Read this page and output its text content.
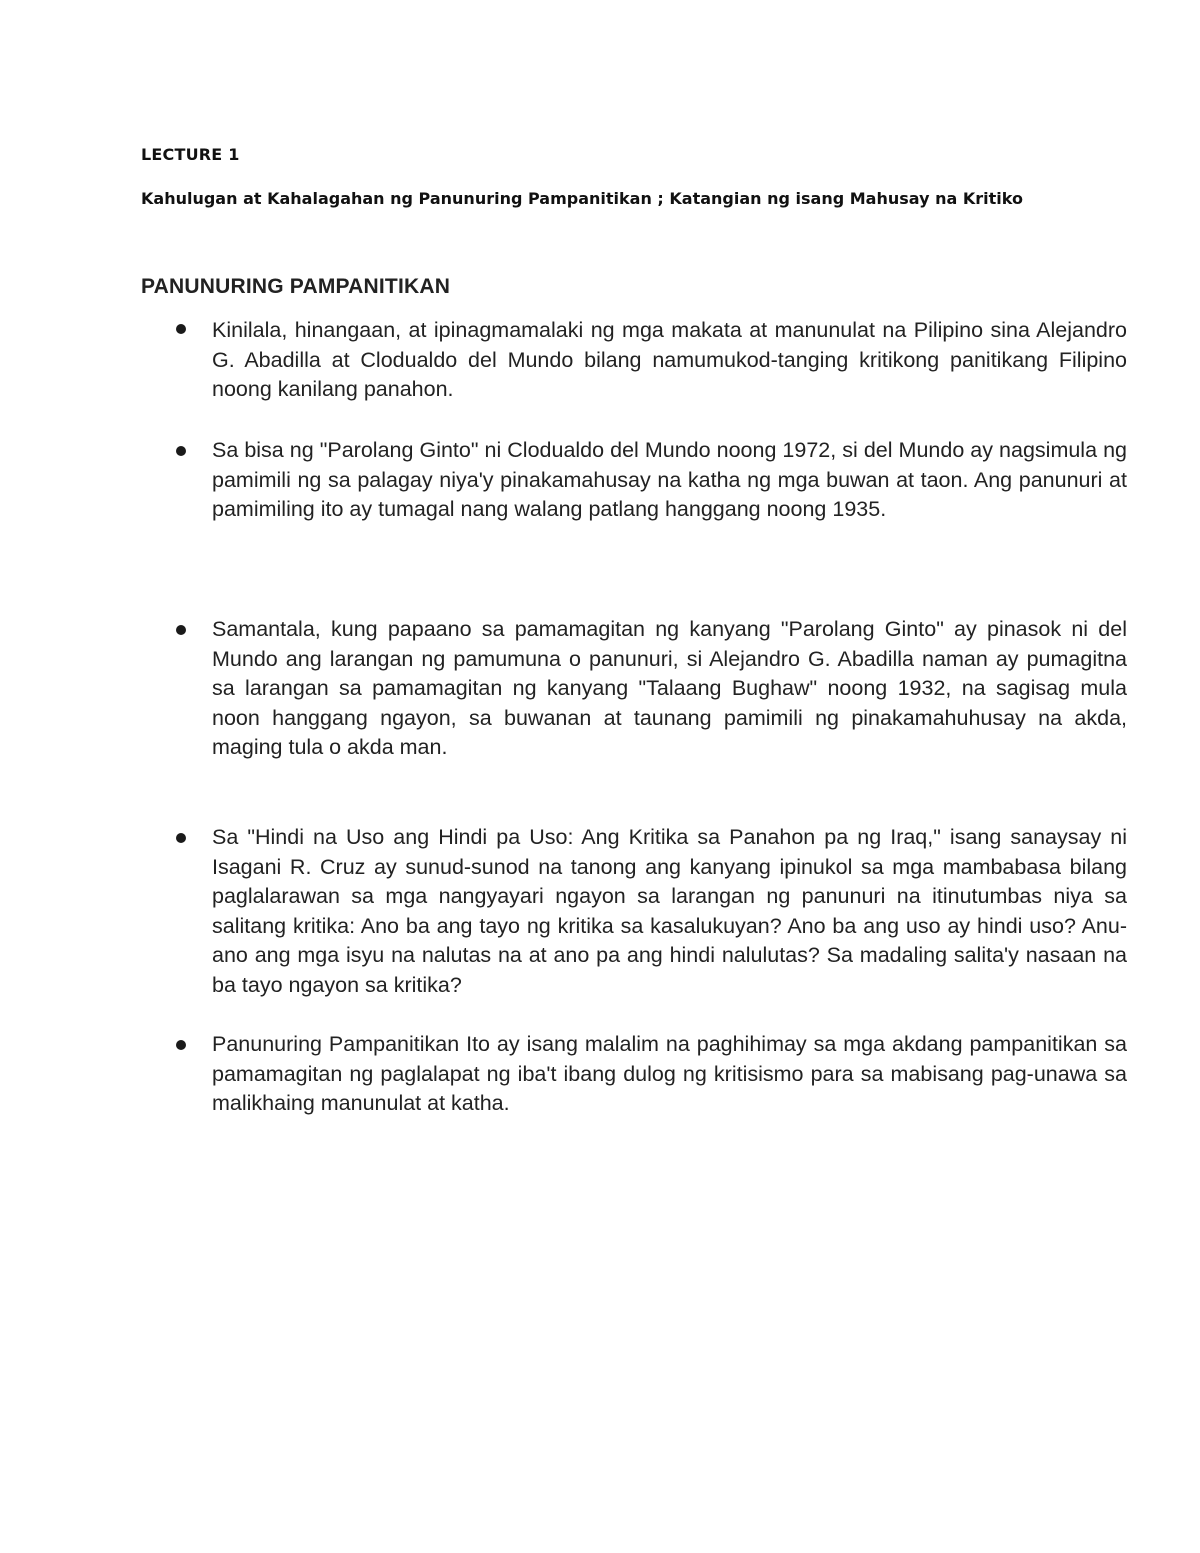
LECTURE 1
Kahulugan at Kahalagahan ng Panunuring Pampanitikan ; Katangian ng isang Mahusay na Kritiko
PANUNURING PAMPANITIKAN
Kinilala, hinangaan, at ipinagmamalaki ng mga makata at manunulat na Pilipino sina Alejandro G. Abadilla at Clodualdo del Mundo bilang namumukod-tanging kritikong panitikang Filipino noong kanilang panahon.
Sa bisa ng "Parolang Ginto" ni Clodualdo del Mundo noong 1972, si del Mundo ay nagsimula ng pamimili ng sa palagay niya'y pinakamahusay na katha ng mga buwan at taon. Ang panunuri at pamimiling ito ay tumagal nang walang patlang hanggang noong 1935.
Samantala, kung papaano sa pamamagitan ng kanyang "Parolang Ginto" ay pinasok ni del Mundo ang larangan ng pamumuna o panunuri, si Alejandro G. Abadilla naman ay pumagitna sa larangan sa pamamagitan ng kanyang "Talaang Bughaw" noong 1932, na sagisag mula noon hanggang ngayon, sa buwanan at taunang pamimili ng pinakamahuhusay na akda, maging tula o akda man.
Sa "Hindi na Uso ang Hindi pa Uso: Ang Kritika sa Panahon pa ng Iraq," isang sanaysay ni Isagani R. Cruz ay sunud-sunod na tanong ang kanyang ipinukol sa mga mambabasa bilang paglalarawan sa mga nangyayari ngayon sa larangan ng panunuri na itinutumbas niya sa salitang kritika: Ano ba ang tayo ng kritika sa kasalukuyan? Ano ba ang uso ay hindi uso? Anu-ano ang mga isyu na nalutas na at ano pa ang hindi nalulutas? Sa madaling salita'y nasaan na ba tayo ngayon sa kritika?
Panunuring Pampanitikan Ito ay isang malalim na paghihimay sa mga akdang pampanitikan sa pamamagitan ng paglalapat ng iba't ibang dulog ng kritisismo para sa mabisang pag-unawa sa malikhaing manunulat at katha.
